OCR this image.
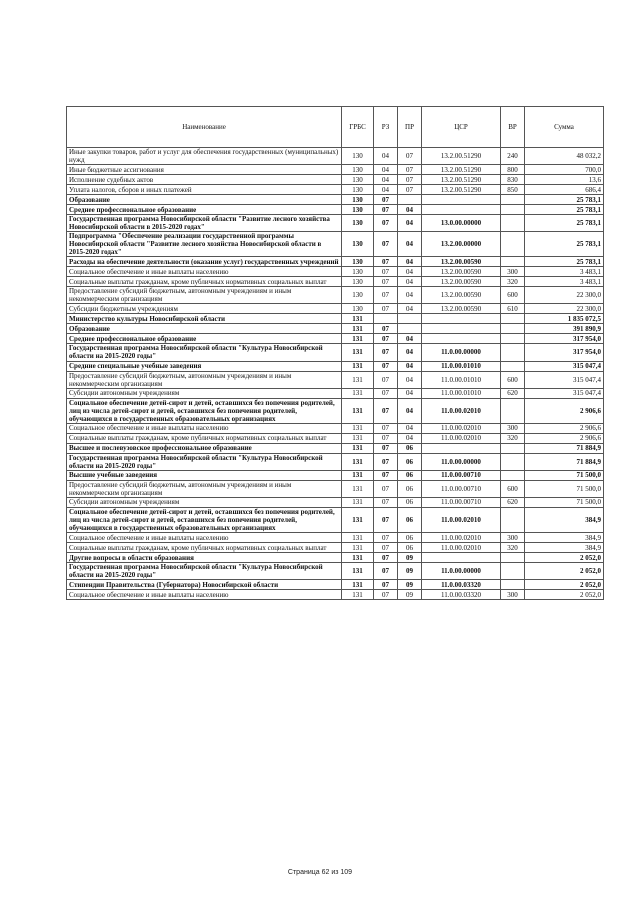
Наименование	ГРБС	РЗ	ПР	ЦСР	ВР	Сумма
Иные закупки товаров, работ и услуг для обеспечения государственных (муниципальных) нужд	130	04	07	13.2.00.51290	240	48 032,2
Иные бюджетные ассигнования	130	04	07	13.2.00.51290	800	700,0
Исполнение судебных актов	130	04	07	13.2.00.51290	830	13,6
Уплата налогов, сборов и иных платежей	130	04	07	13.2.00.51290	850	686,4
Образование	130	07				25 783,1
Среднее профессиональное образование	130	07	04			25 783,1
Государственная программа Новосибирской области "Развитие лесного хозяйства Новосибирской области в 2015-2020 годах"	130	07	04	13.0.00.00000		25 783,1
Подпрограмма "Обеспечение реализации государственной программы Новосибирской области "Развитие лесного хозяйства Новосибирской области в 2015-2020 годах"	130	07	04	13.2.00.00000		25 783,1
Расходы на обеспечение деятельности (оказание услуг) государственных учреждений	130	07	04	13.2.00.00590		25 783,1
Социальное обеспечение и иные выплаты населению	130	07	04	13.2.00.00590	300	3 483,1
Социальные выплаты гражданам, кроме публичных нормативных социальных выплат	130	07	04	13.2.00.00590	320	3 483,1
Предоставление субсидий бюджетным, автономным учреждениям и иным некоммерческим организациям	130	07	04	13.2.00.00590	600	22 300,0
Субсидии бюджетным учреждениям	130	07	04	13.2.00.00590	610	22 300,0
Министерство культуры Новосибирской области	131					1 835 072,5
Образование	131	07				391 890,9
Среднее профессиональное образование	131	07	04			317 954,0
Государственная программа Новосибирской области "Культура Новосибирской области на 2015-2020 годы"	131	07	04	11.0.00.00000		317 954,0
Средние специальные учебные заведения	131	07	04	11.0.00.01010		315 047,4
Предоставление субсидий бюджетным, автономным учреждениям и иным некоммерческим организациям	131	07	04	11.0.00.01010	600	315 047,4
Субсидии автономным учреждениям	131	07	04	11.0.00.01010	620	315 047,4
Социальное обеспечение детей-сирот и детей, оставшихся без попечения родителей, лиц из числа детей-сирот и детей, оставшихся без попечения родителей, обучающихся в государственных образовательных организациях	131	07	04	11.0.00.02010		2 906,6
Социальное обеспечение и иные выплаты населению	131	07	04	11.0.00.02010	300	2 906,6
Социальные выплаты гражданам, кроме публичных нормативных социальных выплат	131	07	04	11.0.00.02010	320	2 906,6
Высшее и послевузовское профессиональное образование	131	07	06			71 884,9
Государственная программа Новосибирской области "Культура Новосибирской области на 2015-2020 годы"	131	07	06	11.0.00.00000		71 884,9
Высшие учебные заведения	131	07	06	11.0.00.00710		71 500,0
Предоставление субсидий бюджетным, автономным учреждениям и иным некоммерческим организациям	131	07	06	11.0.00.00710	600	71 500,0
Субсидии автономным учреждениям	131	07	06	11.0.00.00710	620	71 500,0
Социальное обеспечение детей-сирот и детей, оставшихся без попечения родителей, лиц из числа детей-сирот и детей, оставшихся без попечения родителей, обучающихся в государственных образовательных организациях	131	07	06	11.0.00.02010		384,9
Социальное обеспечение и иные выплаты населению	131	07	06	11.0.00.02010	300	384,9
Социальные выплаты гражданам, кроме публичных нормативных социальных выплат	131	07	06	11.0.00.02010	320	384,9
Другие вопросы в области образования	131	07	09			2 052,0
Государственная программа Новосибирской области "Культура Новосибирской области на 2015-2020 годы"	131	07	09	11.0.00.00000		2 052,0
Стипендии Правительства (Губернатора) Новосибирской области	131	07	09	11.0.00.03320		2 052,0
Социальное обеспечение и иные выплаты населению	131	07	09	11.0.00.03320	300	2 052,0
Страница 62 из 109
